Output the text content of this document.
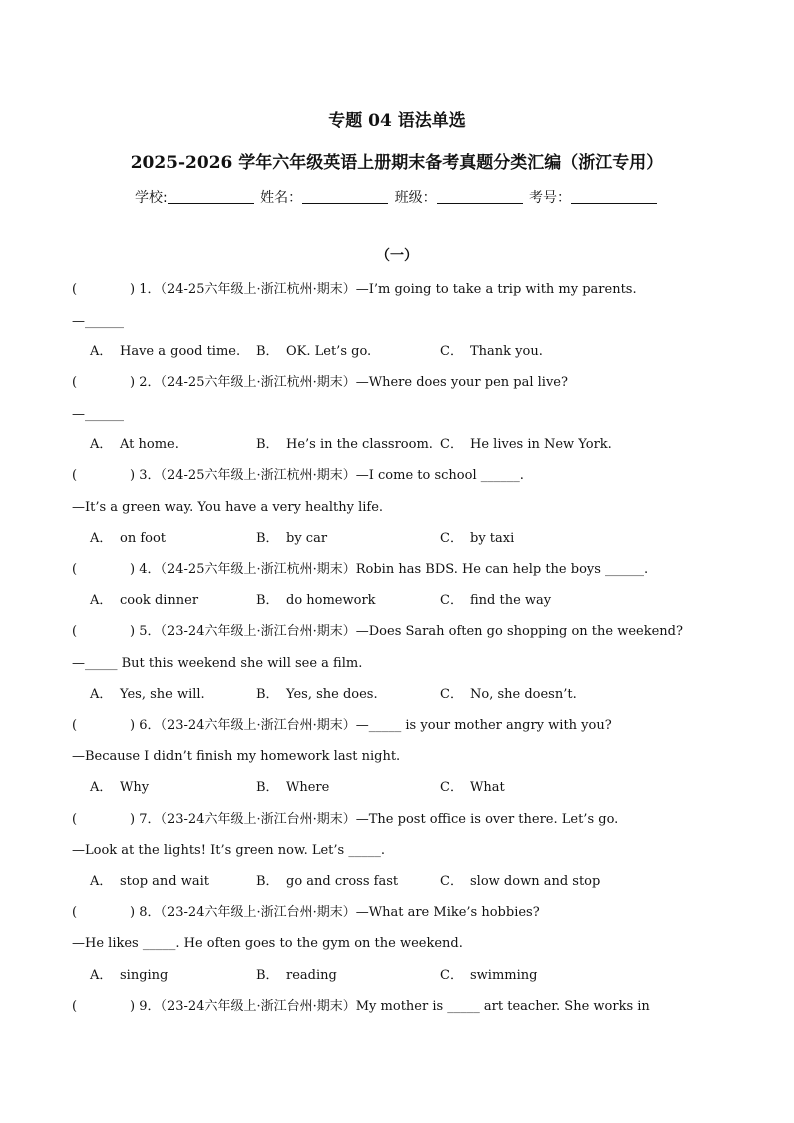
专题 04 语法单选
2025-2026 学年六年级英语上册期末备考真题分类汇编（浙江专用）
学校:	姓名：	班级：	考号：
（一）
(	) 1．（24-25六年级上·浙江杭州·期末）—I’m going to take a trip with my parents.
—______
A． Have a good time. B． OK. Let’s go.	C． Thank you.
(	) 2．（24-25六年级上·浙江杭州·期末）—Where does your pen pal live?
—______
A． At home.	B． He’s in the classroom. C． He lives in New York.
(	) 3．（24-25六年级上·浙江杭州·期末）—I come to school ______.
—It’s a green way. You have a very healthy life.
A． on foot	B． by car	C． by taxi
(	) 4．（24-25六年级上·浙江杭州·期末）Robin has BDS. He can help the boys ______.
A． cook dinner	B． do homework	C． find the way
(	) 5．（23-24六年级上·浙江台州·期末）—Does Sarah often go shopping on the weekend?
—_____ But this weekend she will see a film.
A． Yes, she will.	B． Yes, she does.	C． No, she doesn’t.
(	) 6．（23-24六年级上·浙江台州·期末）—_____ is your mother angry with you?
—Because I didn’t finish my homework last night.
A． Why	B． Where	C． What
(	) 7．（23-24六年级上·浙江台州·期末）—The post office is over there. Let’s go.
—Look at the lights! It’s green now. Let’s _____.
A． stop and wait	B． go and cross fast	C． slow down and stop
(	) 8．（23-24六年级上·浙江台州·期末）—What are Mike’s hobbies?
—He likes _____. He often goes to the gym on the weekend.
A． singing	B． reading	C． swimming
(	) 9．（23-24六年级上·浙江台州·期末）My mother is _____ art teacher. She works in
